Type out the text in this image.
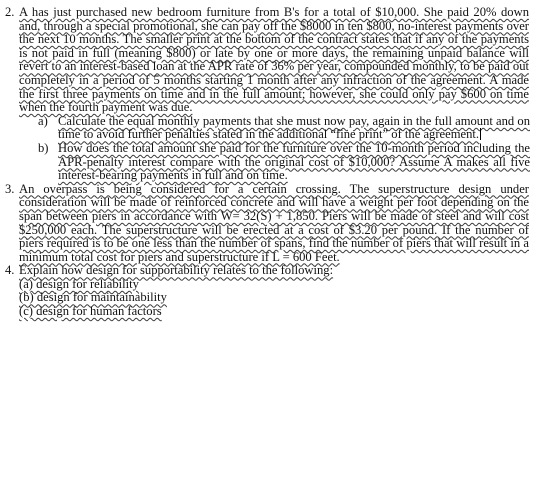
2. A has just purchased new bedroom furniture from B's for a total of $10,000. She paid 20% down and, through a special promotional, she can pay off the $8000 in ten $800, no-interest payments over the next 10 months. The smaller print at the bottom of the contract states that if any of the payments is not paid in full (meaning $800) or late by one or more days, the remaining unpaid balance will revert to an interest-based loan at the APR rate of 36% per year, compounded monthly, to be paid out completely in a period of 5 months starting 1 month after any infraction of the agreement. A made the first three payments on time and in the full amount; however, she could only pay $600 on time when the fourth payment was due.
a) Calculate the equal monthly payments that she must now pay, again in the full amount and on time to avoid further penalties stated in the additional “fine print” of the agreement.
b) How does the total amount she paid for the furniture over the 10-month period including the APR-penalty interest compare with the original cost of $10,000? Assume A makes all five interest-bearing payments in full and on time.
3. An overpass is being considered for a certain crossing. The superstructure design under consideration will be made of reinforced concrete and will have a weight per foot depending on the span between piers in accordance with W= 32(S) + 1,850. Piers will be made of steel and will cost $250,000 each. The superstructure will be erected at a cost of $3.20 per pound. If the number of piers required is to be one less than the number of spans, find the number of piers that will result in a minimum total cost for piers and superstructure if L = 600 Feet.
4. Explain how design for supportability relates to the following:
(a) design for reliability
(b) design for maintainability
(c) design for human factors
